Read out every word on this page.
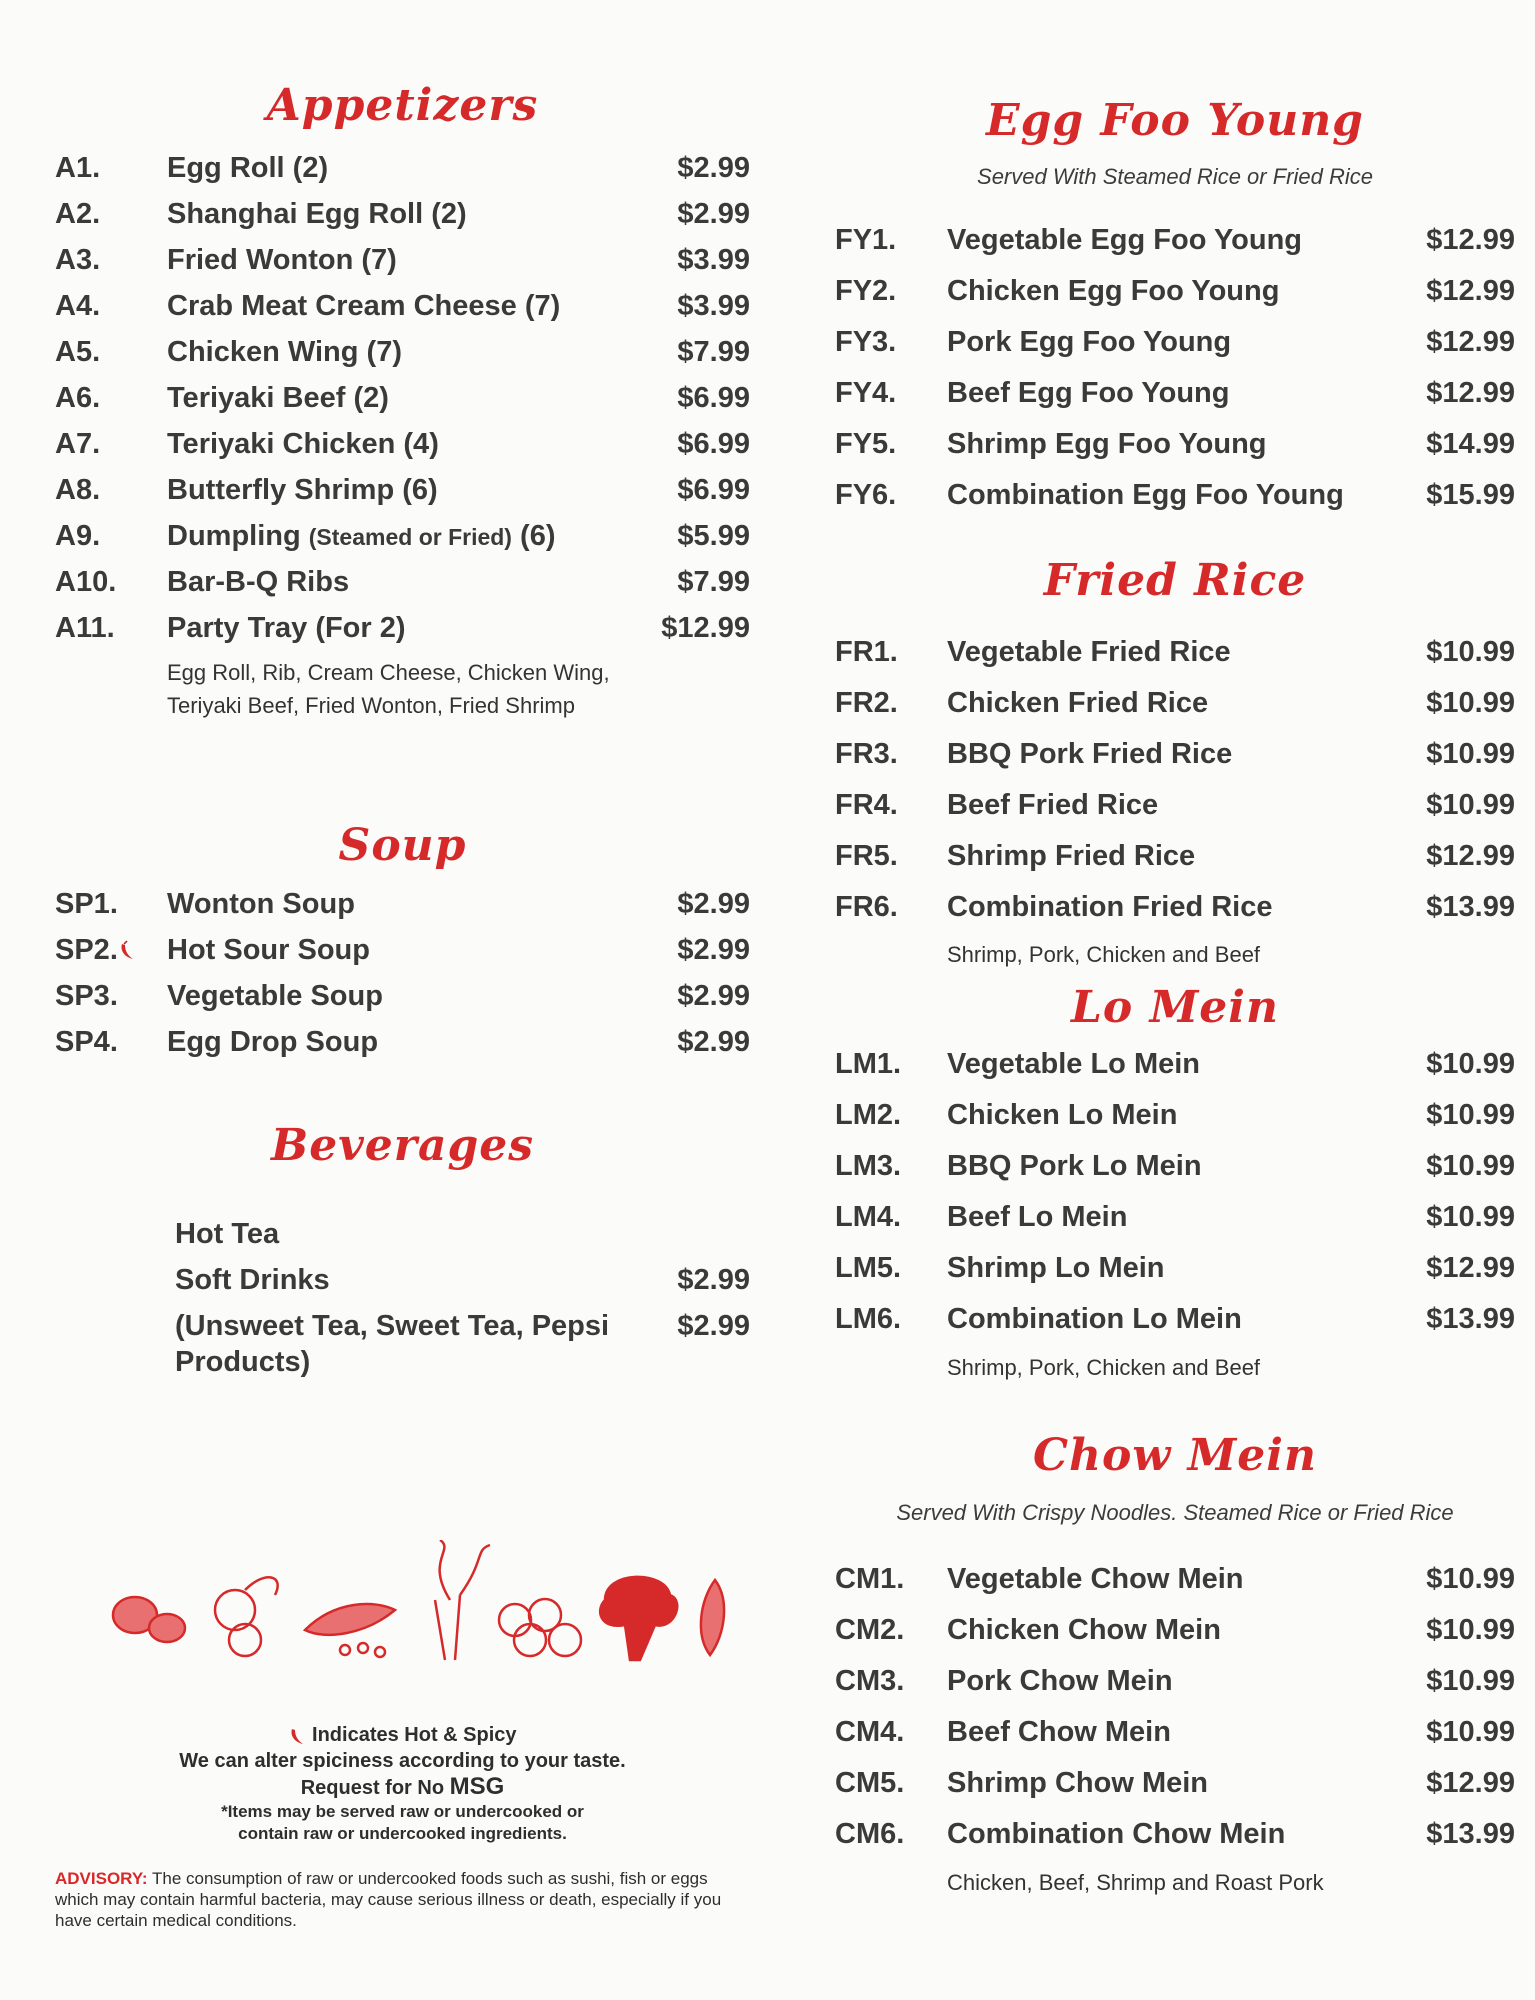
Appetizers
A1. Egg Roll (2)	$2.99
A2. Shanghai Egg Roll (2)	$2.99
A3. Fried Wonton (7)	$3.99
A4. Crab Meat Cream Cheese (7)	$3.99
A5. Chicken Wing (7)	$7.99
A6. Teriyaki Beef (2)	$6.99
A7. Teriyaki Chicken (4)	$6.99
A8. Butterfly Shrimp (6)	$6.99
A9. Dumpling (Steamed or Fried) (6)	$5.99
A10. Bar-B-Q Ribs	$7.99
A11. Party Tray (For 2)	$12.99
Egg Roll, Rib, Cream Cheese, Chicken Wing,
Teriyaki Beef, Fried Wonton, Fried Shrimp
Soup
SP1. Wonton Soup	$2.99
SP2.	Hot Sour Soup	$2.99
SP3. Vegetable Soup	$2.99
SP4. Egg Drop Soup	$2.99
Beverages
Hot Tea
Soft Drinks	$2.99
(Unsweet Tea, Sweet Tea, Pepsi $2.99
Products)
Indicates Hot & Spicy
We can alter spiciness according to your taste.
Request for No MSG
*Items may be served raw or undercooked or
contain raw or undercooked ingredients.
ADVISORY: The consumption of raw or undercooked foods such as sushi, fish or eggs which may contain harmful bacteria, may cause serious illness or death, especially if you have certain medical conditions.
Egg Foo Young
Served With Steamed Rice or Fried Rice
FY1. Vegetable Egg Foo Young	$12.99
FY2. Chicken Egg Foo Young	$12.99
FY3. Pork Egg Foo Young	$12.99
FY4. Beef Egg Foo Young	$12.99
FY5. Shrimp Egg Foo Young	$14.99
FY6. Combination Egg Foo Young	$15.99
Fried Rice
FR1. Vegetable Fried Rice	$10.99
FR2. Chicken Fried Rice	$10.99
FR3. BBQ Pork Fried Rice	$10.99
FR4. Beef Fried Rice	$10.99
FR5. Shrimp Fried Rice	$12.99
FR6. Combination Fried Rice	$13.99
Shrimp, Pork, Chicken and Beef
Lo Mein
LM1. Vegetable Lo Mein	$10.99
LM2. Chicken Lo Mein	$10.99
LM3. BBQ Pork Lo Mein	$10.99
LM4. Beef Lo Mein	$10.99
LM5. Shrimp Lo Mein	$12.99
LM6. Combination Lo Mein	$13.99
Shrimp, Pork, Chicken and Beef
Chow Mein
Served With Crispy Noodles. Steamed Rice or Fried Rice
CM1. Vegetable Chow Mein	$10.99
CM2. Chicken Chow Mein	$10.99
CM3. Pork Chow Mein	$10.99
CM4. Beef Chow Mein	$10.99
CM5. Shrimp Chow Mein	$12.99
CM6. Combination Chow Mein	$13.99
Chicken, Beef, Shrimp and Roast Pork
